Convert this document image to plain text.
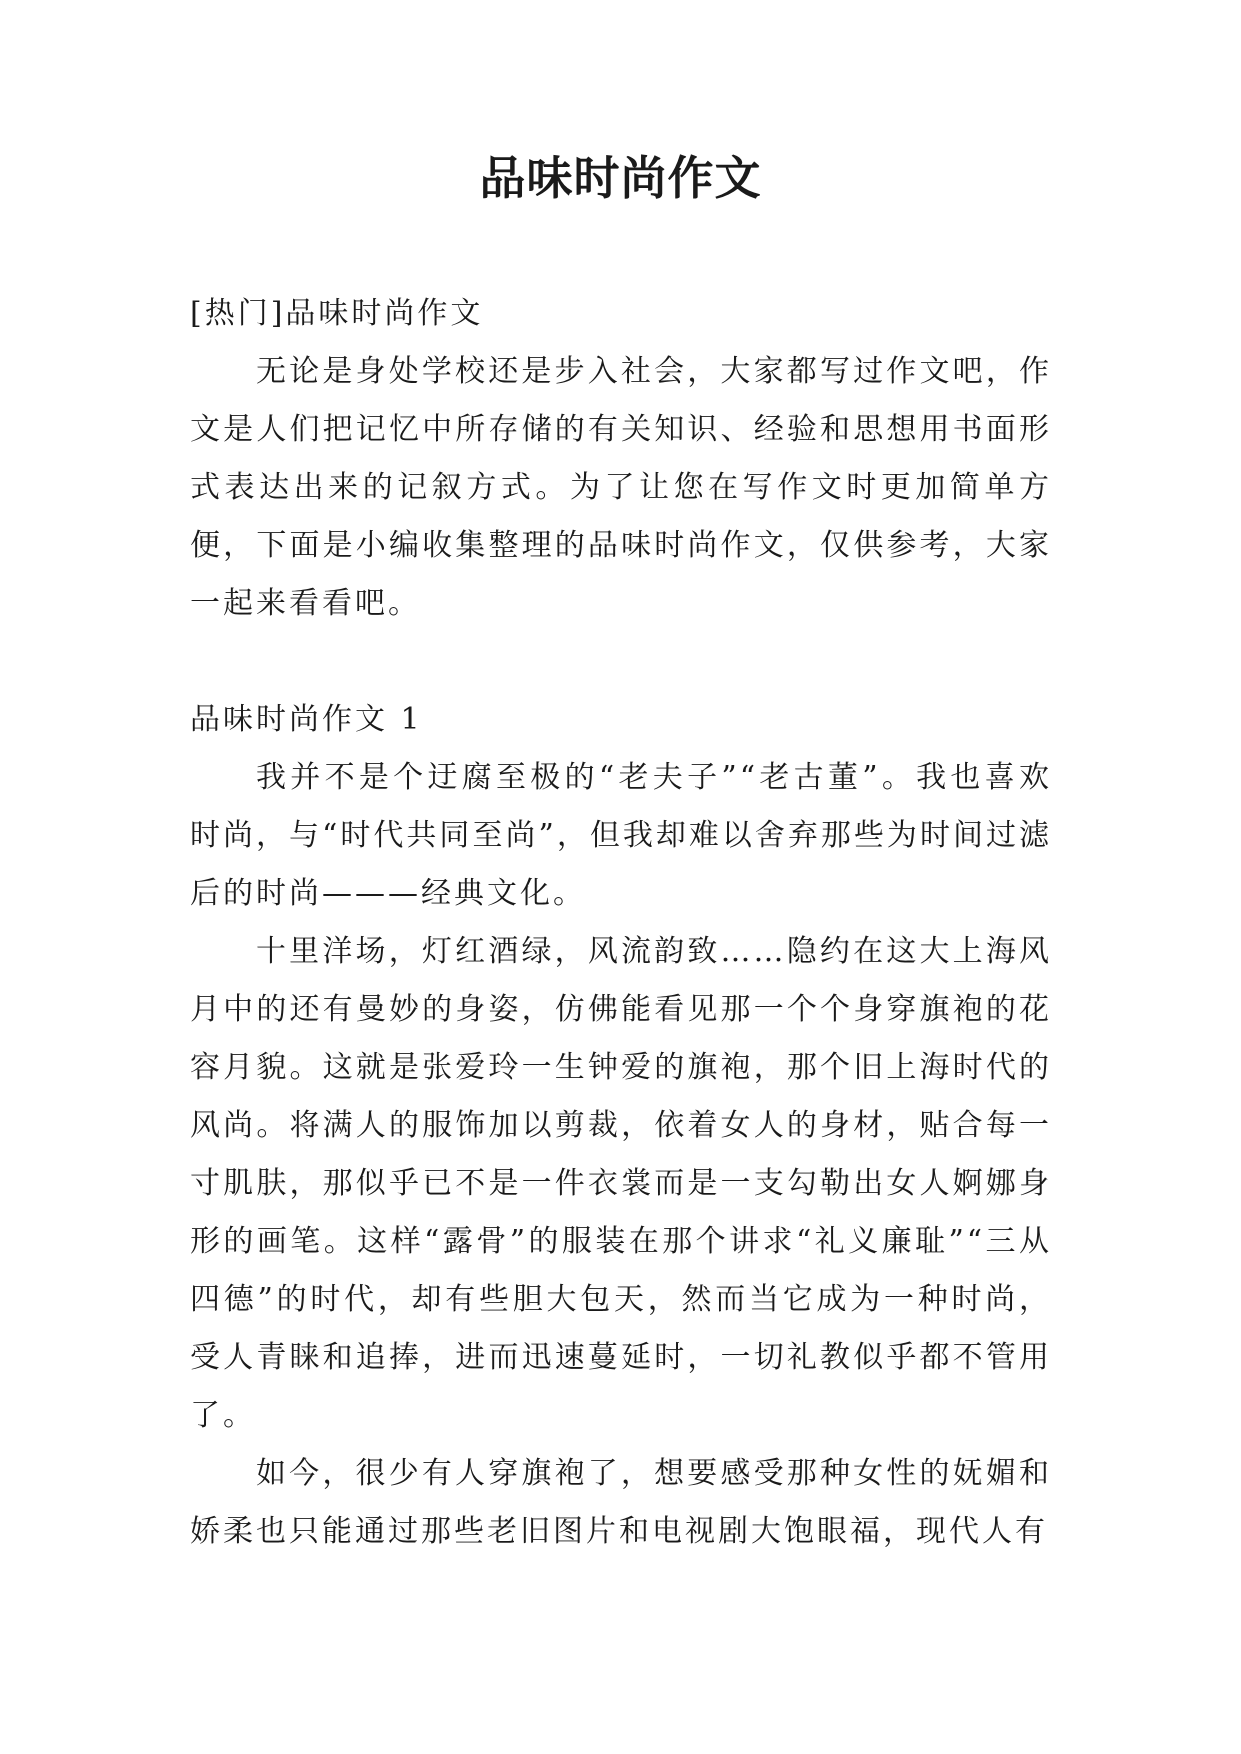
品味时尚作文

[热门]品味时尚作文

无论是身处学校还是步入社会，大家都写过作文吧，作文是人们把记忆中所存储的有关知识、经验和思想用书面形式表达出来的记叙方式。为了让您在写作文时更加简单方便，下面是小编收集整理的品味时尚作文，仅供参考，大家一起来看看吧。

品味时尚作文 1

我并不是个迂腐至极的“老夫子”“老古董”。我也喜欢时尚，与“时代共同至尚”，但我却难以舍弃那些为时间过滤后的时尚———经典文化。

十里洋场，灯红酒绿，风流韵致……隐约在这大上海风月中的还有曼妙的身姿，仿佛能看见那一个个身穿旗袍的花容月貌。这就是张爱玲一生钟爱的旗袍，那个旧上海时代的风尚。将满人的服饰加以剪裁，依着女人的身材，贴合每一寸肌肤，那似乎已不是一件衣裳而是一支勾勒出女人婀娜身形的画笔。这样“露骨”的服装在那个讲求“礼义廉耻”“三从四德”的时代，却有些胆大包天，然而当它成为一种时尚，受人青睐和追捧，进而迅速蔓延时，一切礼教似乎都不管用了。

如今，很少有人穿旗袍了，想要感受那种女性的妩媚和娇柔也只能通过那些老旧图片和电视剧大饱眼福，现代人有
